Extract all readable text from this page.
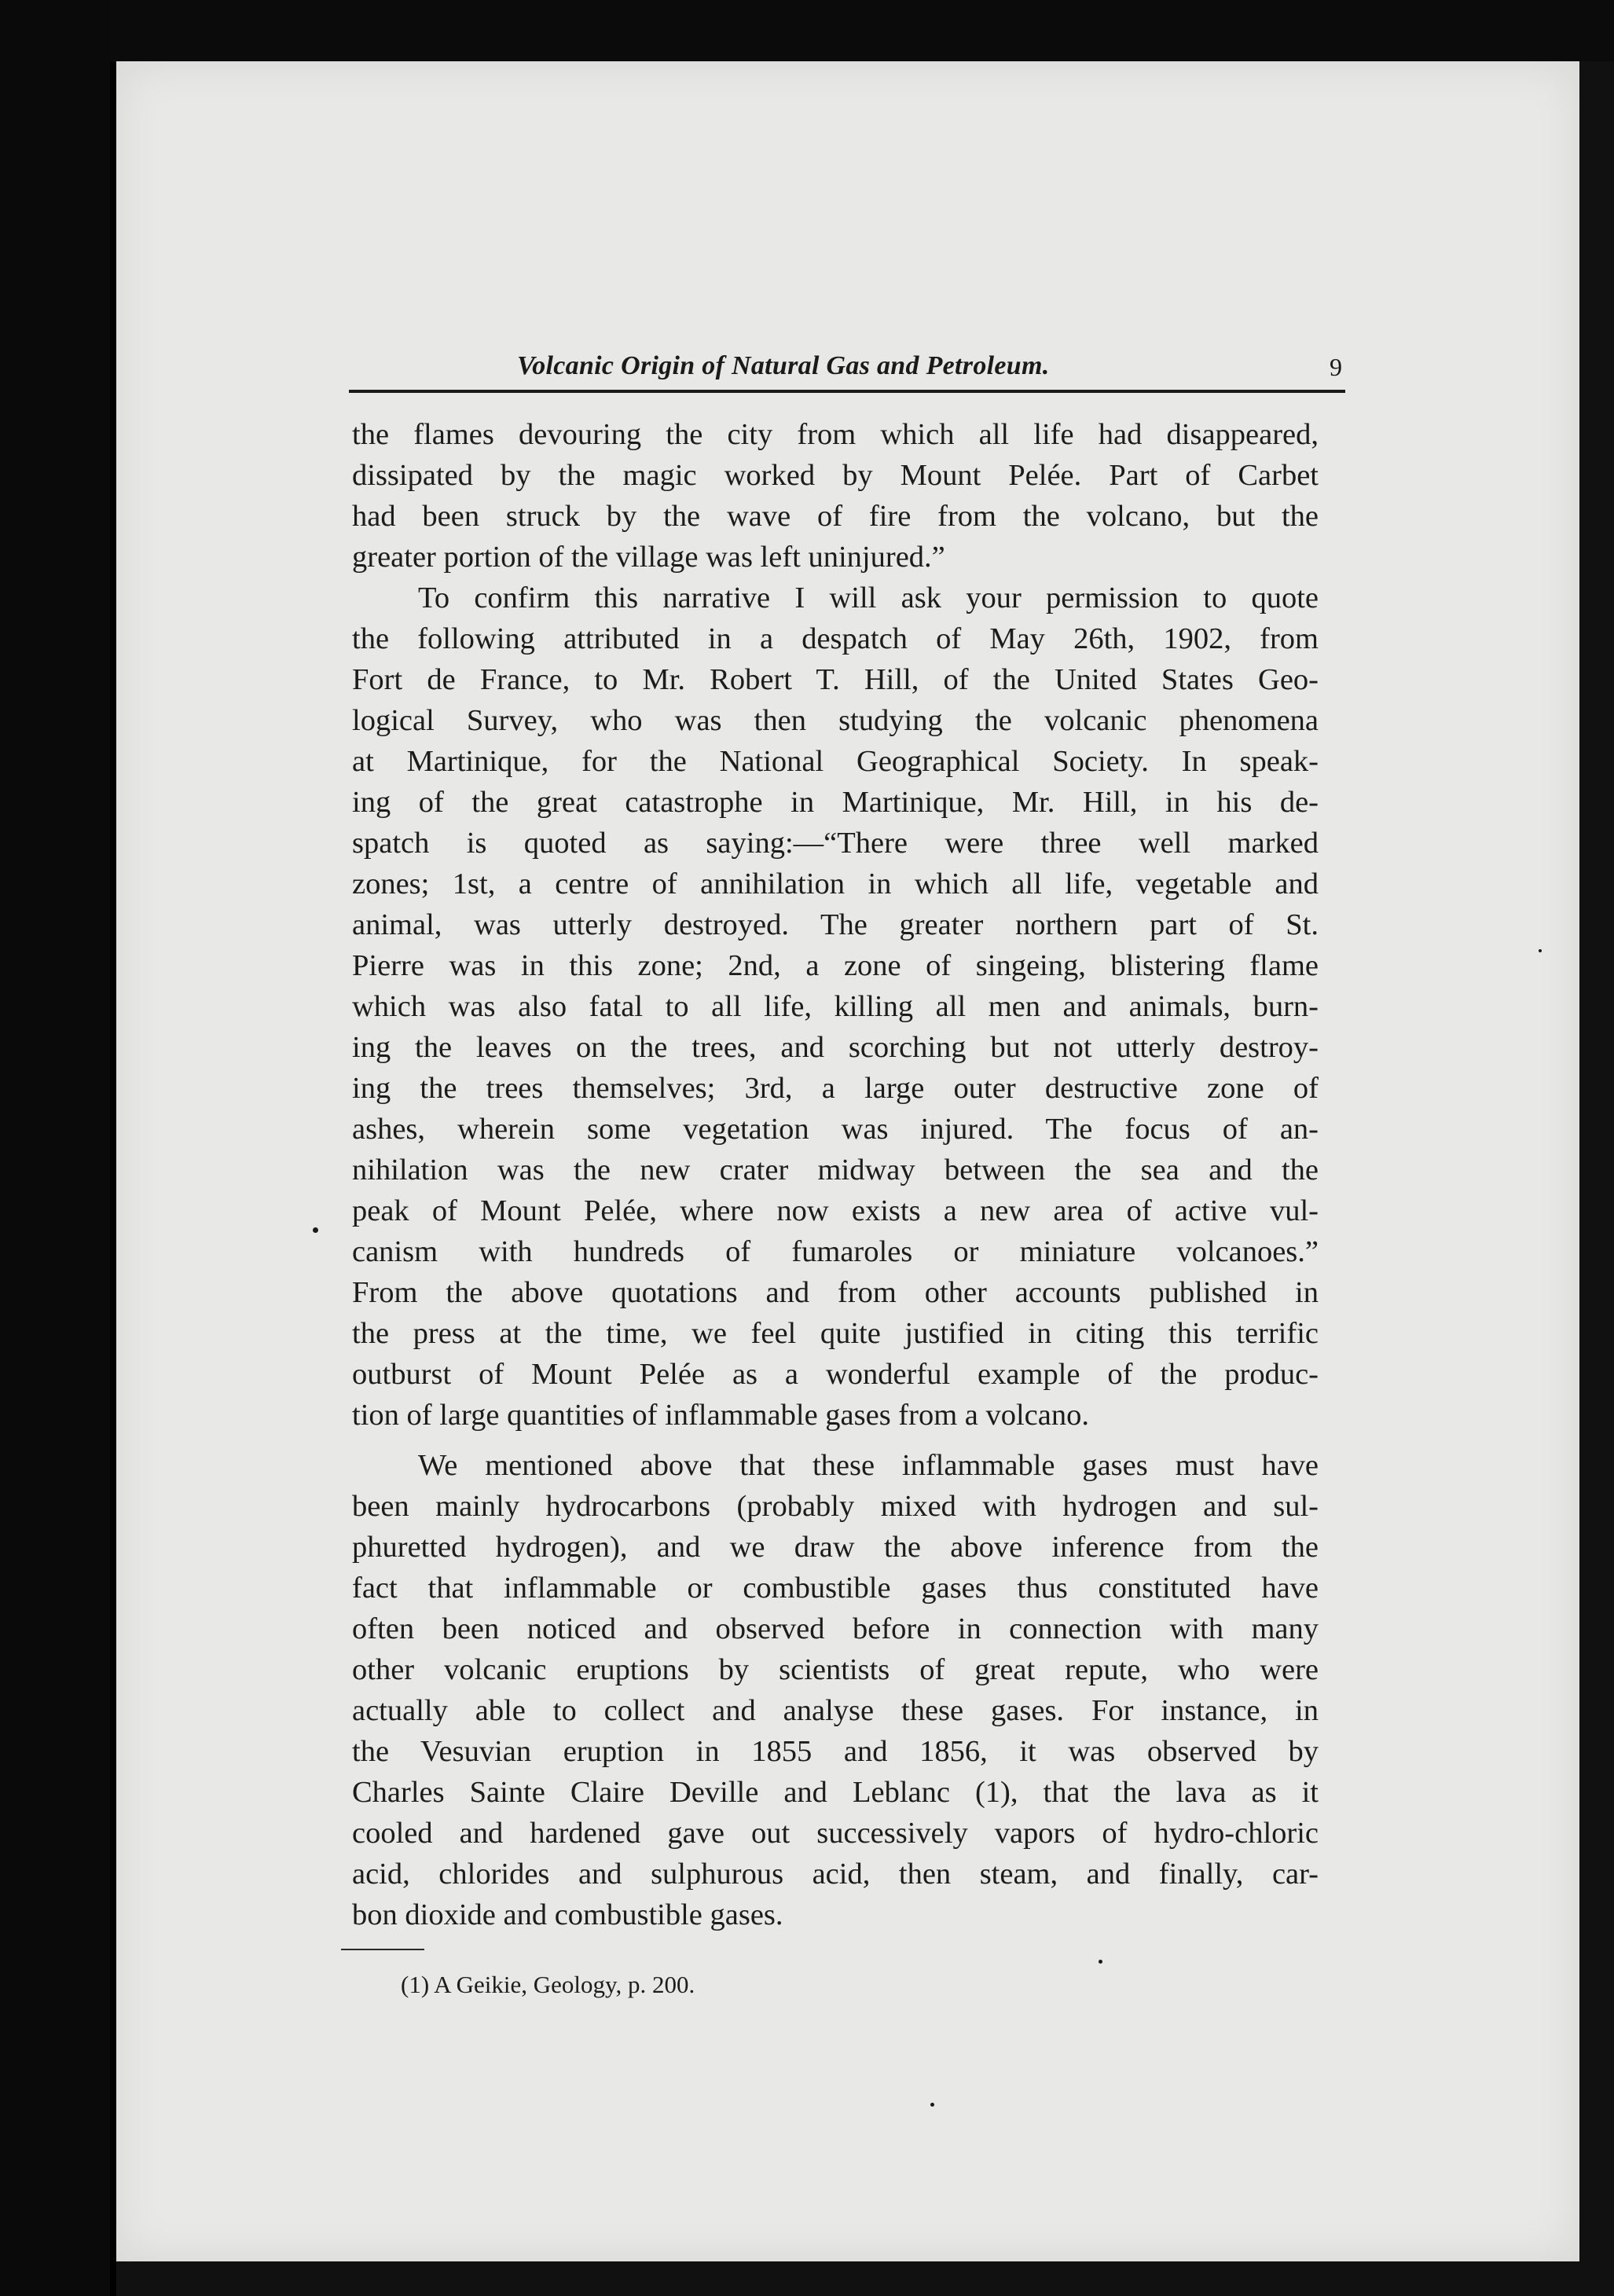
Volcanic Origin of Natural Gas and Petroleum.	9
the flames devouring the city from which all life had disappeared,
dissipated by the magic worked by Mount Pelée. Part of Carbet
had been struck by the wave of fire from the volcano, but the
greater portion of the village was left uninjured.”
To confirm this narrative I will ask your permission to quote
the following attributed in a despatch of May 26th, 1902, from
Fort de France, to Mr. Robert T. Hill, of the United States Geo-
logical Survey, who was then studying the volcanic phenomena
at Martinique, for the National Geographical Society. In speak-
ing of the great catastrophe in Martinique, Mr. Hill, in his de-
spatch is quoted as saying:—“There were three well marked
zones; 1st, a centre of annihilation in which all life, vegetable and
animal, was utterly destroyed. The greater northern part of St.
Pierre was in this zone; 2nd, a zone of singeing, blistering flame
which was also fatal to all life, killing all men and animals, burn-
ing the leaves on the trees, and scorching but not utterly destroy-
ing the trees themselves; 3rd, a large outer destructive zone of
ashes, wherein some vegetation was injured. The focus of an-
nihilation was the new crater midway between the sea and the
peak of Mount Pelée, where now exists a new area of active vul-
canism with hundreds of fumaroles or miniature volcanoes.”
From the above quotations and from other accounts published in
the press at the time, we feel quite justified in citing this terrific
outburst of Mount Pelée as a wonderful example of the produc-
tion of large quantities of inflammable gases from a volcano.
We mentioned above that these inflammable gases must have
been mainly hydrocarbons (probably mixed with hydrogen and sul-
phuretted hydrogen), and we draw the above inference from the
fact that inflammable or combustible gases thus constituted have
often been noticed and observed before in connection with many
other volcanic eruptions by scientists of great repute, who were
actually able to collect and analyse these gases. For instance, in
the Vesuvian eruption in 1855 and 1856, it was observed by
Charles Sainte Claire Deville and Leblanc (1), that the lava as it
cooled and hardened gave out successively vapors of hydro-chloric
acid, chlorides and sulphurous acid, then steam, and finally, car-
bon dioxide and combustible gases.
(1) A Geikie, Geology, p. 200.
